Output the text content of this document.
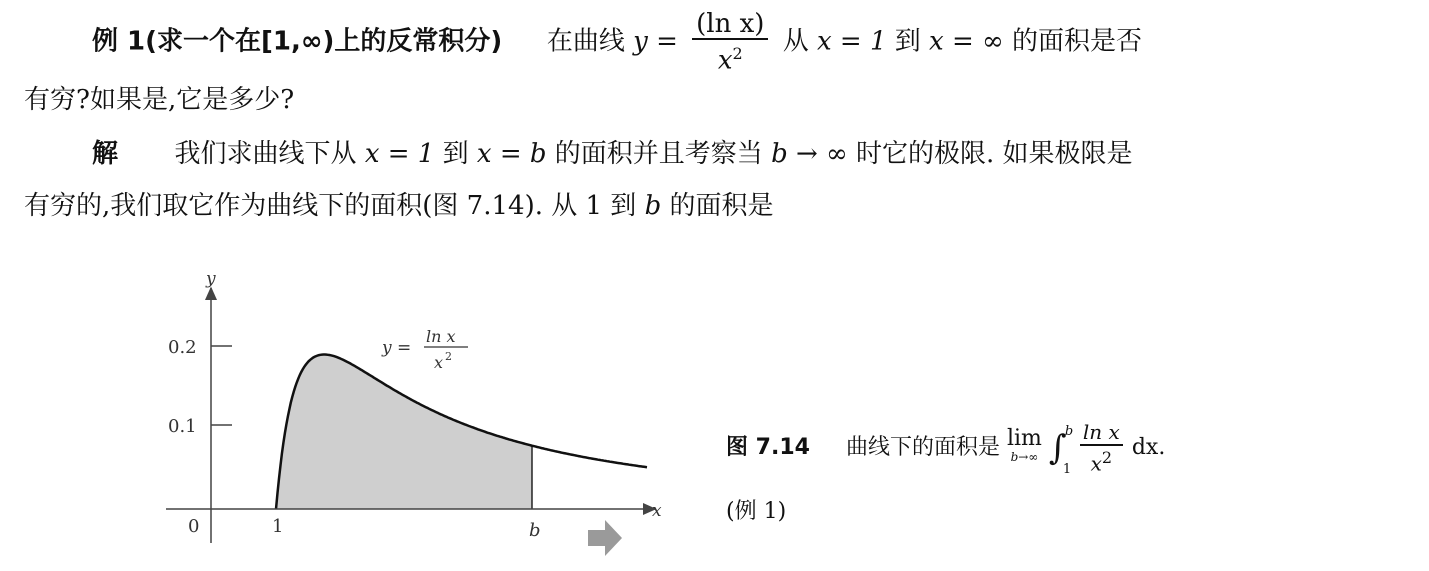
例 1(求一个在[1,∞)上的反常积分) 在曲线 $y = \frac{\text{(ln x)}}{x^2}$ 从 x = 1 到 x = ∞ 的面积是否
有穷?如果是,它是多少?
解 我们求曲线下从 x = 1 到 x = b 的面积并且考察当 b → ∞ 时它的极限. 如果极限是
有穷的,我们取它作为曲线下的面积(图 7.14). 从 1 到 b 的面积是
y
x
0.2
0.1
0	1	b
y =
ln x
x 2
图 7.14 曲线下的面积是 lim
b→∞ ∫
b
1
$\frac{\text{ln x}}{x^2}$ dx.
(例 1)
